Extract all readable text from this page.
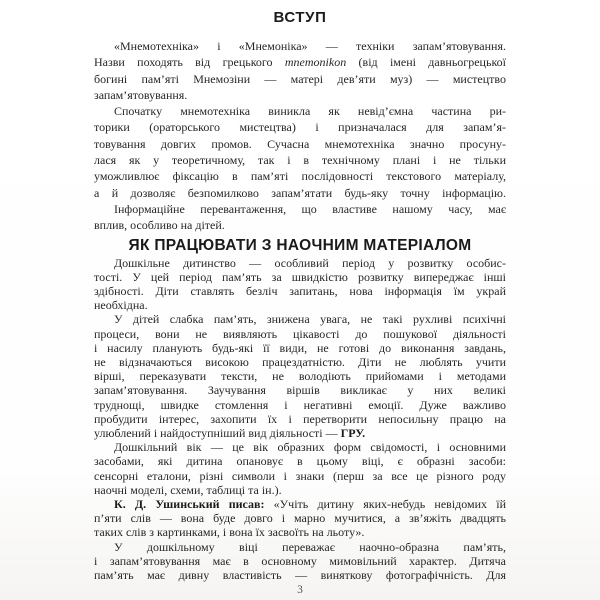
ВСТУП
«Мнемотехніка» і «Мнемоніка» — техніки запам’ятовування.
Назви походять від грецького mnemonikon (від імені давньогрецької
богині пам’яті Мнемозіни — матері дев’яти муз) — мистецтво
запам’ятовування.
Спочатку мнемотехніка виникла як невід’ємна частина ри-
торики (ораторського мистецтва) і призначалася для запам’я-
товування довгих промов. Сучасна мнемотехніка значно просуну-
лася як у теоретичному, так і в технічному плані і не тільки
уможливлює фіксацію в пам’яті послідовності текстового матеріалу,
а й дозволяє безпомилково запам’ятати будь-яку точну інформацію.
Інформаційне перевантаження, що властиве нашому часу, має
вплив, особливо на дітей.
ЯК ПРАЦЮВАТИ З НАОЧНИМ МАТЕРІАЛОМ
Дошкільне дитинство — особливий період у розвитку особис-
тості. У цей період пам’ять за швидкістю розвитку випереджає інші
здібності. Діти ставлять безліч запитань, нова інформація їм украй
необхідна.
У дітей слабка пам’ять, знижена увага, не такі рухливі психічні
процеси, вони не виявляють цікавості до пошукової діяльності
і насилу планують будь-які її види, не готові до виконання завдань,
не відзначаються високою працездатністю. Діти не люблять учити
вірші, переказувати тексти, не володіють прийомами і методами
запам’ятовування. Заучування віршів викликає у них великі
труднощі, швидке стомлення і негативні емоції. Дуже важливо
пробудити інтерес, захопити їх і перетворити непосильну працю на
улюблений і найдоступніший вид діяльності — ГРУ.
Дошкільний вік — це вік образних форм свідомості, і основними
засобами, які дитина опановує в цьому віці, є образні засоби:
сенсорні еталони, різні символи і знаки (перш за все це різного роду
наочні моделі, схеми, таблиці та ін.).
К. Д. Ушинський писав: «Учіть дитину яких-небудь невідомих їй
п’яти слів — вона буде довго і марно мучитися, а зв’яжіть двадцять
таких слів з картинками, і вона їх засвоїть на льоту».
У дошкільному віці переважає наочно-образна пам’ять,
і запам’ятовування має в основному мимовільний характер. Дитяча
пам’ять має дивну властивість — виняткову фотографічність. Для
3
